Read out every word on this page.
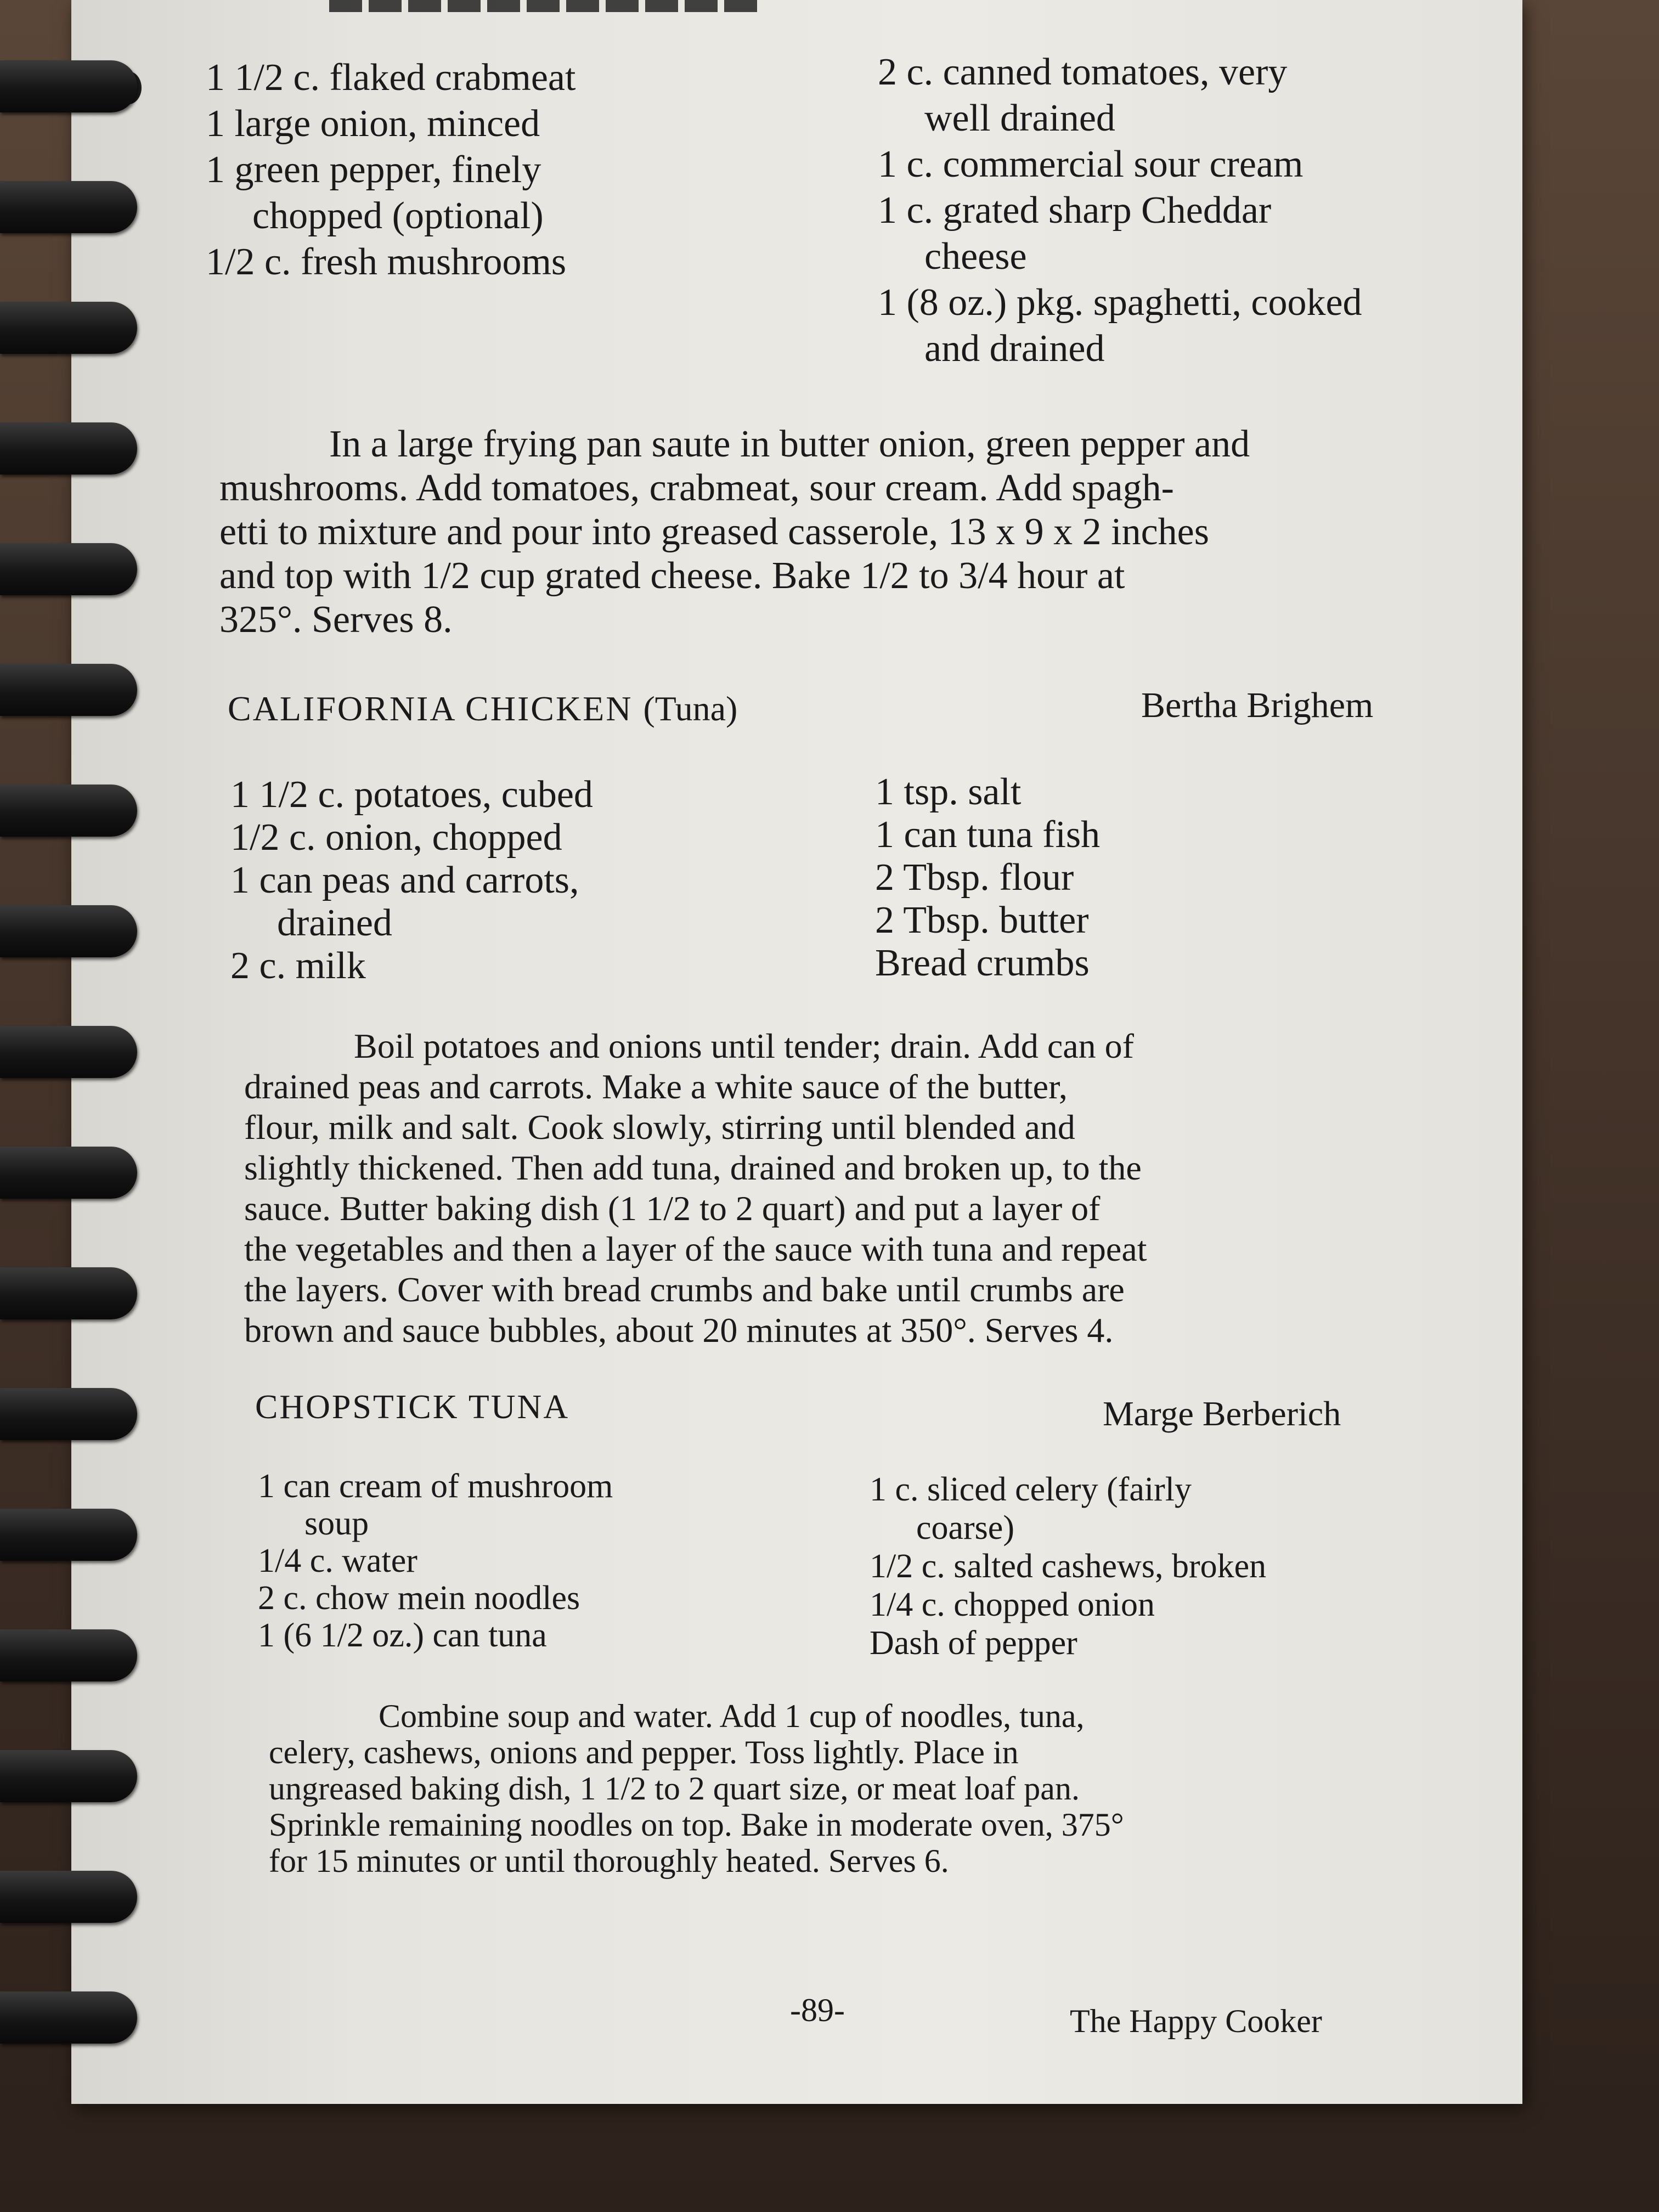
1 1/2 c. flaked crabmeat
1 large onion, minced
1 green pepper, finely
chopped (optional)
1/2 c. fresh mushrooms
2 c. canned tomatoes, very
well drained
1 c. commercial sour cream
1 c. grated sharp Cheddar
cheese
1 (8 oz.) pkg. spaghetti, cooked
and drained
In a large frying pan saute in butter onion, green pepper and
mushrooms. Add tomatoes, crabmeat, sour cream. Add spagh-
etti to mixture and pour into greased casserole, 13 x 9 x 2 inches
and top with 1/2 cup grated cheese. Bake 1/2 to 3/4 hour at
325°. Serves 8.
CALIFORNIA CHICKEN (Tuna)	Bertha Brighem
1 1/2 c. potatoes, cubed
1/2 c. onion, chopped
1 can peas and carrots,
drained
2 c. milk
1 tsp. salt
1 can tuna fish
2 Tbsp. flour
2 Tbsp. butter
Bread crumbs
Boil potatoes and onions until tender; drain. Add can of
drained peas and carrots. Make a white sauce of the butter,
flour, milk and salt. Cook slowly, stirring until blended and
slightly thickened. Then add tuna, drained and broken up, to the
sauce. Butter baking dish (1 1/2 to 2 quart) and put a layer of
the vegetables and then a layer of the sauce with tuna and repeat
the layers. Cover with bread crumbs and bake until crumbs are
brown and sauce bubbles, about 20 minutes at 350°. Serves 4.
CHOPSTICK TUNA	Marge Berberich
1 can cream of mushroom
soup
1/4 c. water
2 c. chow mein noodles
1 (6 1/2 oz.) can tuna
1 c. sliced celery (fairly
coarse)
1/2 c. salted cashews, broken
1/4 c. chopped onion
Dash of pepper
Combine soup and water. Add 1 cup of noodles, tuna,
celery, cashews, onions and pepper. Toss lightly. Place in
ungreased baking dish, 1 1/2 to 2 quart size, or meat loaf pan.
Sprinkle remaining noodles on top. Bake in moderate oven, 375°
for 15 minutes or until thoroughly heated. Serves 6.
-89-	The Happy Cooker
